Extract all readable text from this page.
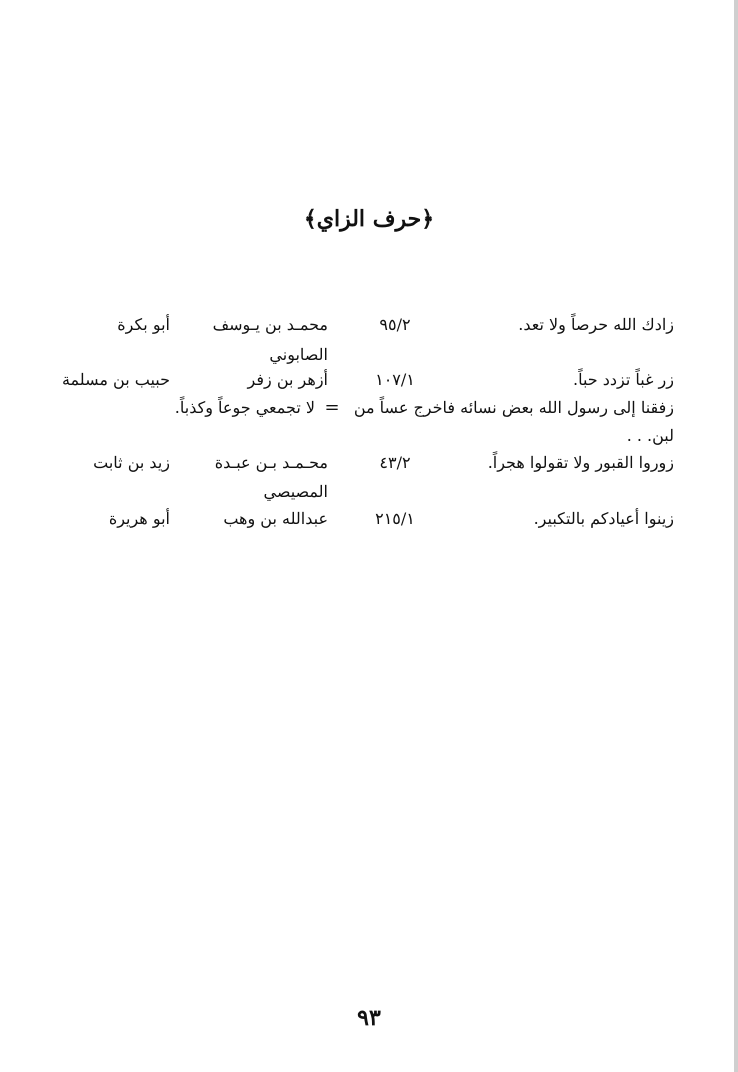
﴿حرف الزاي﴾
زادك الله حرصاً ولا تعد.
٩٥/٢
محمـد بن يـوسف
أبو بكرة
الصابوني
زر غباً تزدد حباً.
١٠٧/١
أزهر بن زفر
حبيب بن مسلمة
زفقنا إلى رسول الله بعض نسائه فاخرج عساً من
=
لا تجمعي جوعاً وكذباً.
لبن. . .
زوروا القبور ولا تقولوا هجراً.
٤٣/٢
محـمـد بـن عبـدة
زيد بن ثابت
المصيصي
زينوا أعيادكم بالتكبير.
٢١٥/١
عبدالله بن وهب
أبو هريرة
٩٣
